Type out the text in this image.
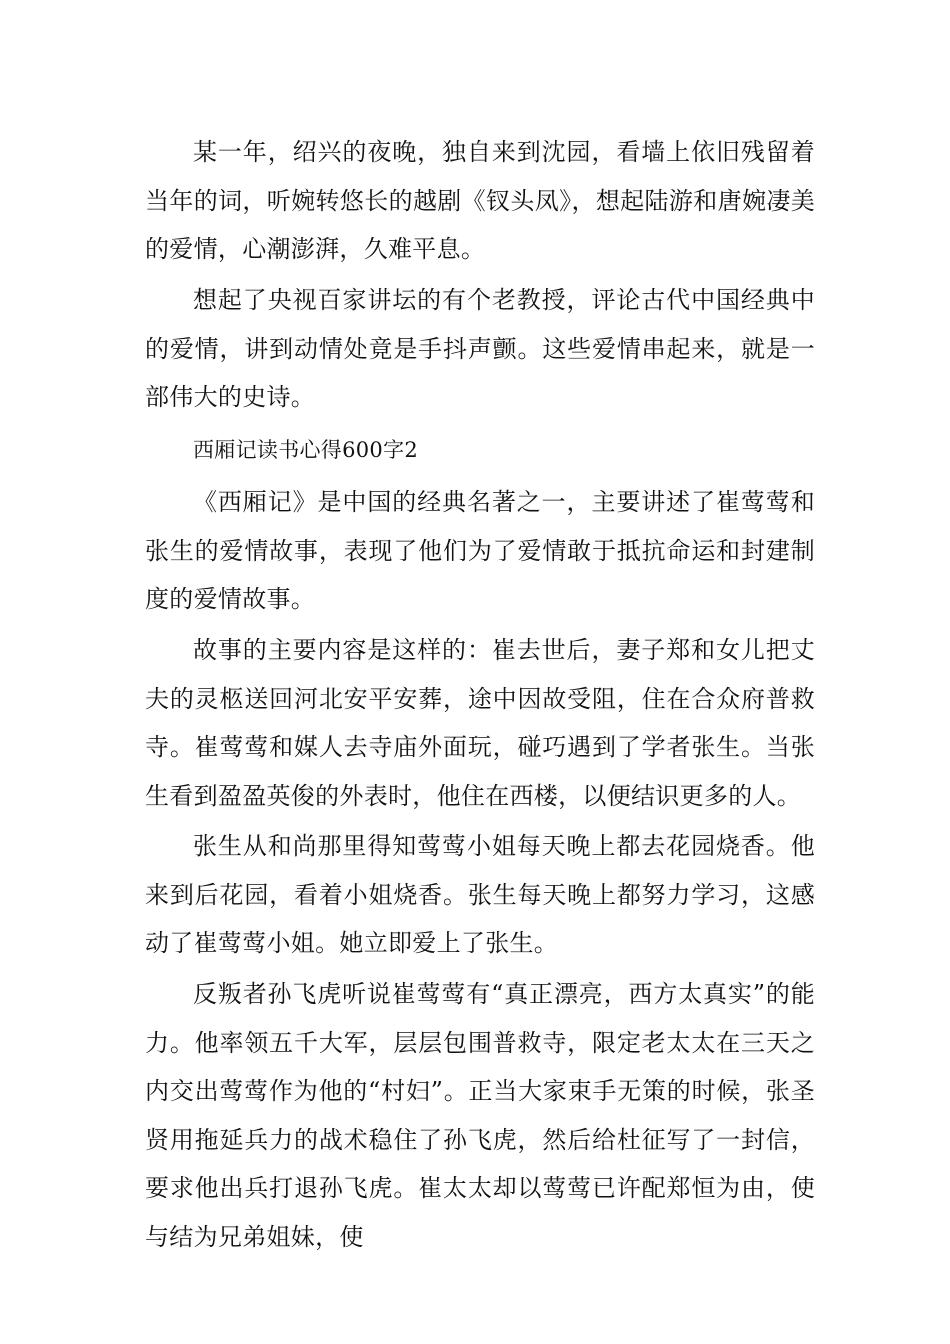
某一年，绍兴的夜晚，独自来到沈园，看墙上依旧残留着当年的词，听婉转悠长的越剧《钗头凤》，想起陆游和唐婉凄美的爱情，心潮澎湃，久难平息。

想起了央视百家讲坛的有个老教授，评论古代中国经典中的爱情，讲到动情处竟是手抖声颤。这些爱情串起来，就是一部伟大的史诗。

西厢记读书心得600字2

《西厢记》是中国的经典名著之一，主要讲述了崔莺莺和张生的爱情故事，表现了他们为了爱情敢于抵抗命运和封建制度的爱情故事。

故事的主要内容是这样的：崔去世后，妻子郑和女儿把丈夫的灵柩送回河北安平安葬，途中因故受阻，住在合众府普救寺。崔莺莺和媒人去寺庙外面玩，碰巧遇到了学者张生。当张生看到盈盈英俊的外表时，他住在西楼，以便结识更多的人。

张生从和尚那里得知莺莺小姐每天晚上都去花园烧香。他来到后花园，看着小姐烧香。张生每天晚上都努力学习，这感动了崔莺莺小姐。她立即爱上了张生。

反叛者孙飞虎听说崔莺莺有“真正漂亮，西方太真实”的能力。他率领五千大军，层层包围普救寺，限定老太太在三天之内交出莺莺作为他的“村妇”。正当大家束手无策的时候，张圣贤用拖延兵力的战术稳住了孙飞虎，然后给杜征写了一封信，要求他出兵打退孙飞虎。崔太太却以莺莺已许配郑恒为由，使与结为兄弟姐妹，使
